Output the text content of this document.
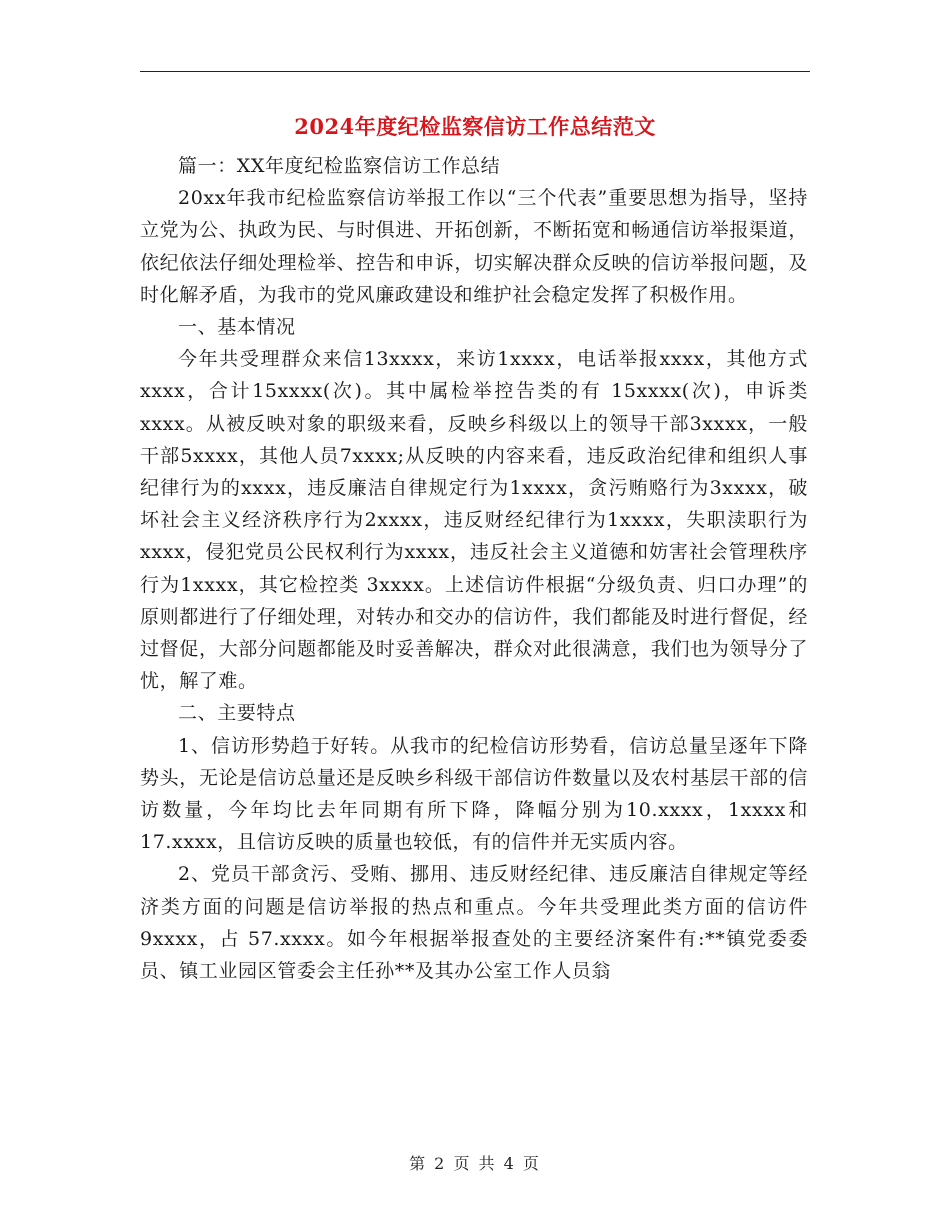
2024年度纪检监察信访工作总结范文

篇一：XX年度纪检监察信访工作总结

20xx年我市纪检监察信访举报工作以“三个代表”重要思想为指导，坚持立党为公、执政为民、与时俱进、开拓创新，不断拓宽和畅通信访举报渠道，依纪依法仔细处理检举、控告和申诉，切实解决群众反映的信访举报问题，及时化解矛盾，为我市的党风廉政建设和维护社会稳定发挥了积极作用。

一、基本情况

今年共受理群众来信13xxxx，来访1xxxx，电话举报xxxx，其他方式xxxx，合计15xxxx(次)。其中属检举控告类的有 15xxxx(次)，申诉类xxxx。从被反映对象的职级来看，反映乡科级以上的领导干部3xxxx，一般干部5xxxx，其他人员7xxxx;从反映的内容来看，违反政治纪律和组织人事纪律行为的xxxx，违反廉洁自律规定行为1xxxx，贪污贿赂行为3xxxx，破坏社会主义经济秩序行为2xxxx，违反财经纪律行为1xxxx，失职渎职行为xxxx，侵犯党员公民权利行为xxxx，违反社会主义道德和妨害社会管理秩序行为1xxxx，其它检控类 3xxxx。上述信访件根据“分级负责、归口办理”的原则都进行了仔细处理，对转办和交办的信访件，我们都能及时进行督促，经过督促，大部分问题都能及时妥善解决，群众对此很满意，我们也为领导分了忧，解了难。

二、主要特点

1、信访形势趋于好转。从我市的纪检信访形势看，信访总量呈逐年下降势头，无论是信访总量还是反映乡科级干部信访件数量以及农村基层干部的信访数量，今年均比去年同期有所下降，降幅分别为10.xxxx，1xxxx和17.xxxx，且信访反映的质量也较低，有的信件并无实质内容。

2、党员干部贪污、受贿、挪用、违反财经纪律、违反廉洁自律规定等经济类方面的问题是信访举报的热点和重点。今年共受理此类方面的信访件9xxxx，占 57.xxxx。如今年根据举报查处的主要经济案件有:**镇党委委员、镇工业园区管委会主任孙**及其办公室工作人员翁

第 2 页 共 4 页
